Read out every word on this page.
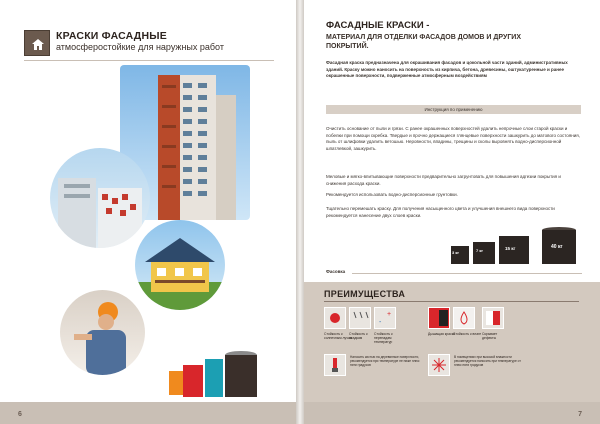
КРАСКИ ФАСАДНЫЕ
атмосферостойкие для наружных работ
6
ФАСАДНЫЕ КРАСКИ -
МАТЕРИАЛ ДЛЯ ОТДЕЛКИ ФАСАДОВ ДОМОВ И ДРУГИХ ПОКРЫТИЙ.
Фасадная краска предназначена для окрашивания фасадов и цокольной части зданий, административных зданий. Краску можно наносить на поверхность из кирпича, бетона, древесины, оштукатуренные и ранее окрашенные поверхности, подверженные атмосферным воздействиям
Инструкция по применению
Очистить основание от пыли и грязи. С ранее окрашенных поверхностей удалить непрочные слои старой краски и побелки при помощи скребка. Твердые и прочно держащиеся глянцевые поверхности зашкурить до матового состояния, пыль от шлифовки удалить ветошью. Неровности, впадины, трещины и сколы выровнять водно-дисперсионной шпатлевкой, зашкурить.
Меловые и мягко-впитывающие поверхности предварительно загрунтовать для повышения адгезии покрытия и снижения расхода краски.
Рекомендуется использовать водно-дисперсионные грунтовки.
Тщательно перемешать краску. Для получения насыщенного цвета и улучшения внешнего вида поверхности рекомендуется нанесение двух слоев краски.
3 кг	7 кг	15 кг	40 кг
Фасовка
ПРЕИМУЩЕСТВА
+
-
Стойкость к солнечным лучам
Стойкость к осадкам
Стойкость к перепадам температур
Дышащая краска
Стойкость к влаге Скрывает дефекты
Наносить кистью на деревянные поверхности, рекомендуется при температуре не ниже плюс пяти градусов
В помещениях при высокой влажности рекомендуется наносить при температуре от плюс пяти градусов
7
